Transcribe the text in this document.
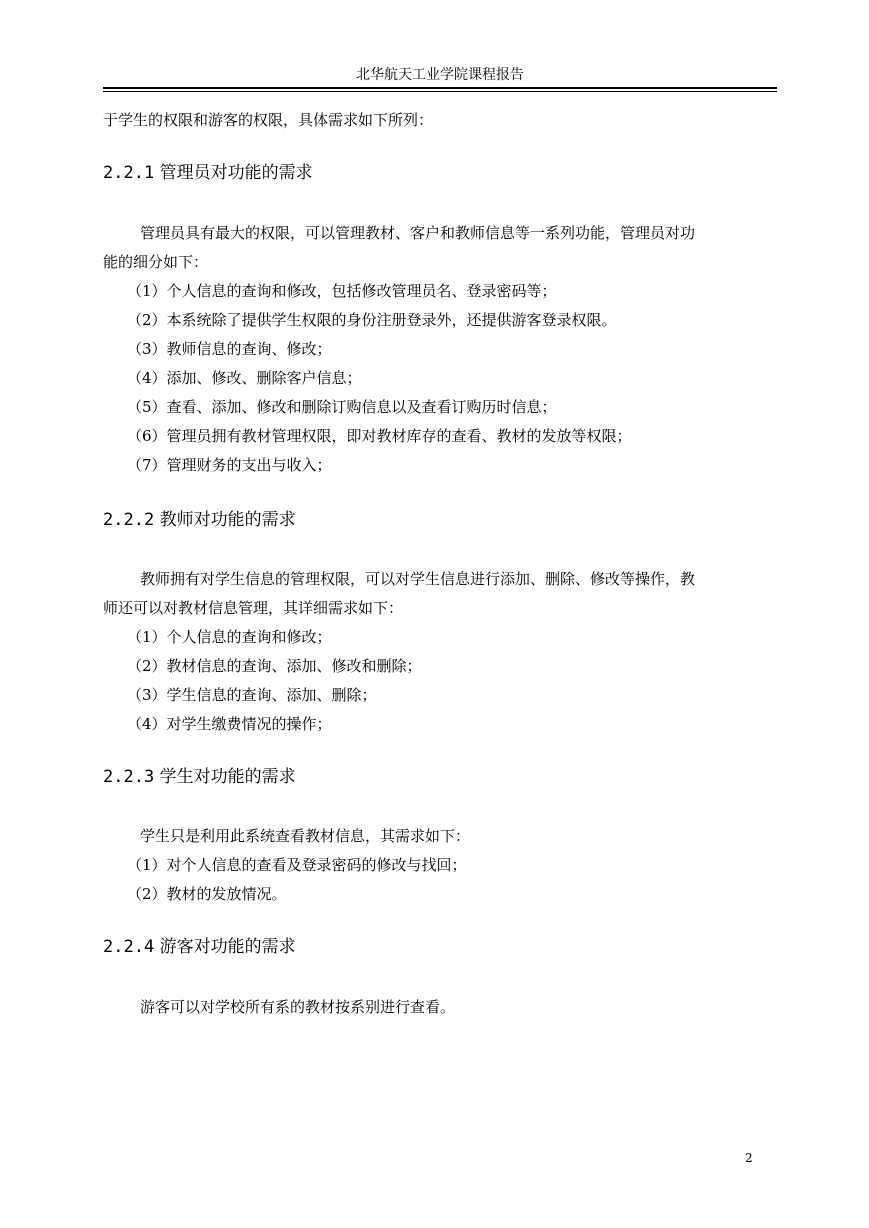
北华航天工业学院课程报告
于学生的权限和游客的权限，具体需求如下所列：
2.2.1 管理员对功能的需求
管理员具有最大的权限，可以管理教材、客户和教师信息等一系列功能，管理员对功
能的细分如下：
（1）个人信息的查询和修改，包括修改管理员名、登录密码等；
（2）本系统除了提供学生权限的身份注册登录外，还提供游客登录权限。
（3）教师信息的查询、修改；
（4）添加、修改、删除客户信息；
（5）查看、添加、修改和删除订购信息以及查看订购历时信息；
（6）管理员拥有教材管理权限，即对教材库存的查看、教材的发放等权限；
（7）管理财务的支出与收入；
2.2.2 教师对功能的需求
教师拥有对学生信息的管理权限，可以对学生信息进行添加、删除、修改等操作，教
师还可以对教材信息管理，其详细需求如下：
（1）个人信息的查询和修改；
（2）教材信息的查询、添加、修改和删除；
（3）学生信息的查询、添加、删除；
（4）对学生缴费情况的操作；
2.2.3 学生对功能的需求
学生只是利用此系统查看教材信息，其需求如下：
（1）对个人信息的查看及登录密码的修改与找回；
（2）教材的发放情况。
2.2.4 游客对功能的需求
游客可以对学校所有系的教材按系别进行查看。
2
